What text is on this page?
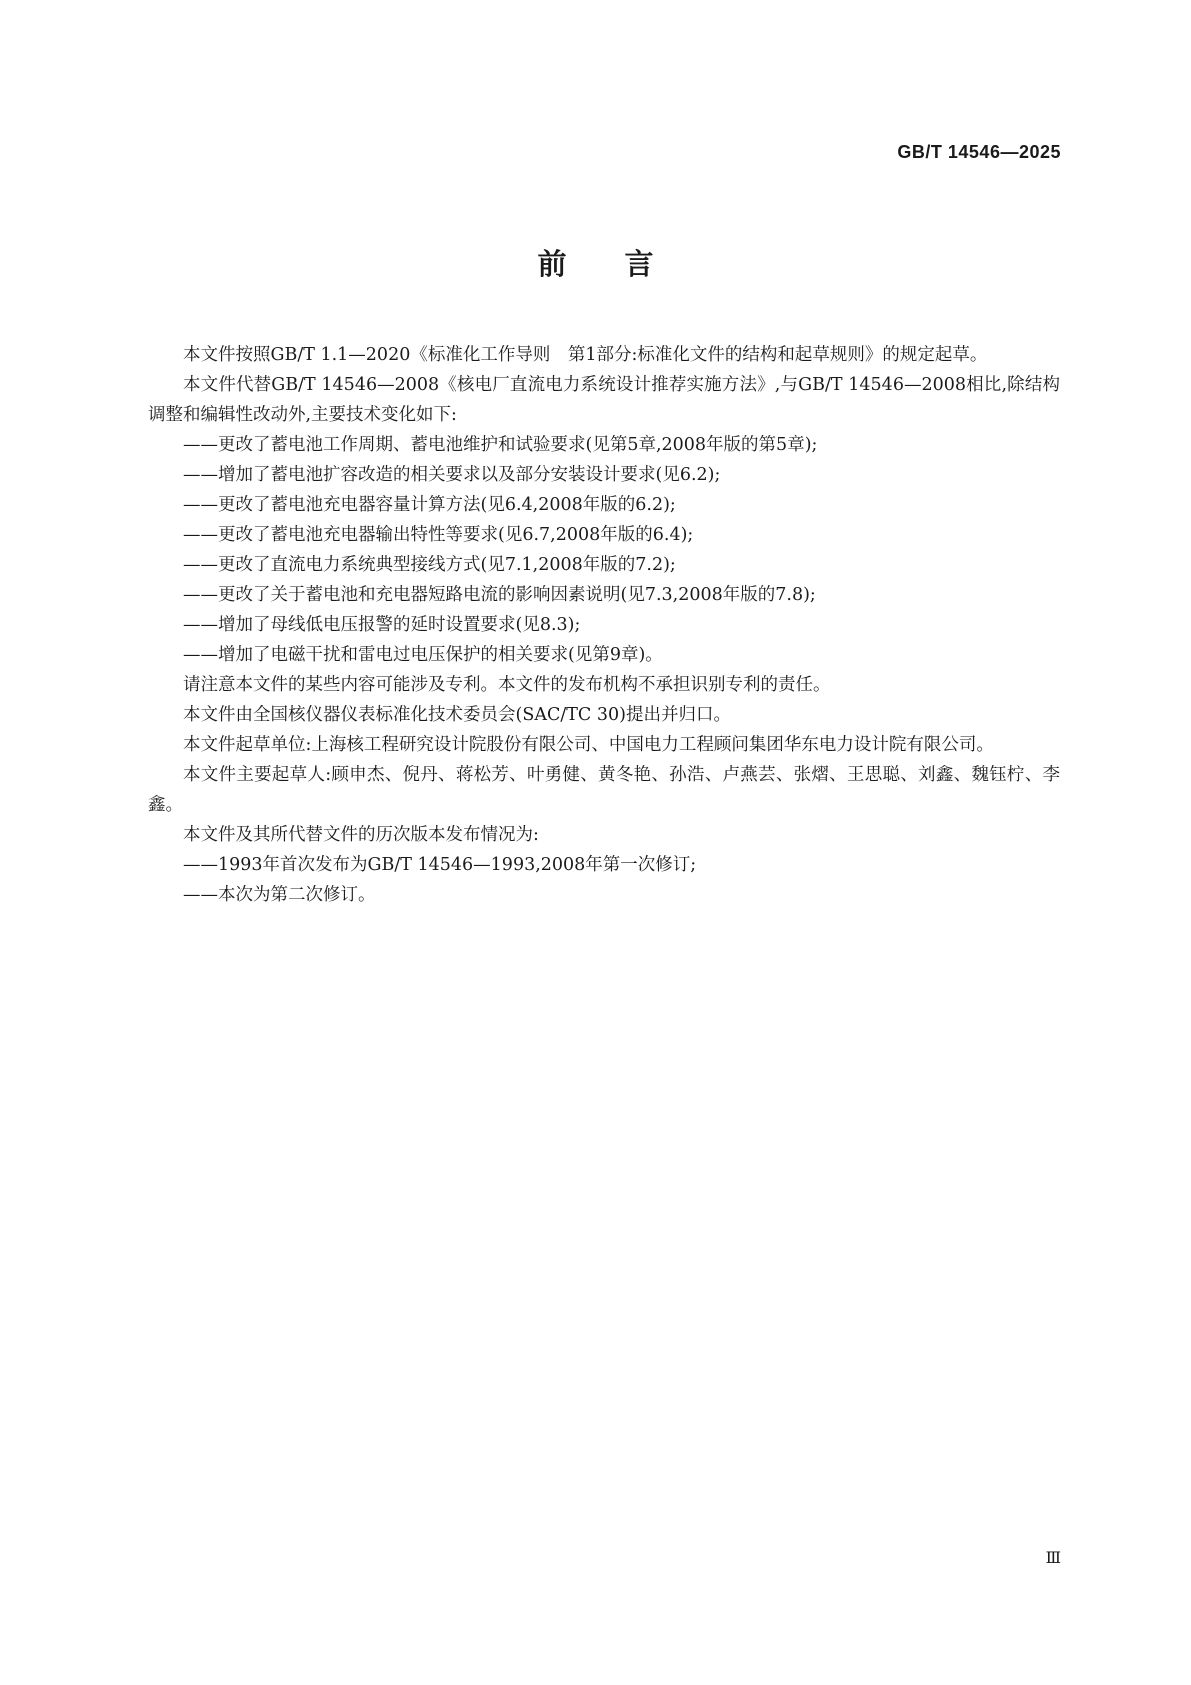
GB/T 14546—2025
前言

本文件按照GB/T 1.1—2020《标准化工作导则　第1部分:标准化文件的结构和起草规则》的规定起草。

本文件代替GB/T 14546—2008《核电厂直流电力系统设计推荐实施方法》,与GB/T 14546—2008相比,除结构调整和编辑性改动外,主要技术变化如下:

——更改了蓄电池工作周期、蓄电池维护和试验要求(见第5章,2008年版的第5章);

——增加了蓄电池扩容改造的相关要求以及部分安装设计要求(见6.2);

——更改了蓄电池充电器容量计算方法(见6.4,2008年版的6.2);

——更改了蓄电池充电器输出特性等要求(见6.7,2008年版的6.4);

——更改了直流电力系统典型接线方式(见7.1,2008年版的7.2);

——更改了关于蓄电池和充电器短路电流的影响因素说明(见7.3,2008年版的7.8);

——增加了母线低电压报警的延时设置要求(见8.3);

——增加了电磁干扰和雷电过电压保护的相关要求(见第9章)。

请注意本文件的某些内容可能涉及专利。本文件的发布机构不承担识别专利的责任。

本文件由全国核仪器仪表标准化技术委员会(SAC/TC 30)提出并归口。

本文件起草单位:上海核工程研究设计院股份有限公司、中国电力工程顾问集团华东电力设计院有限公司。

本文件主要起草人:顾申杰、倪丹、蒋松芳、叶勇健、黄冬艳、孙浩、卢燕芸、张熠、王思聪、刘鑫、魏钰柠、李鑫。

本文件及其所代替文件的历次版本发布情况为:

——1993年首次发布为GB/T 14546—1993,2008年第一次修订;

——本次为第二次修订。

Ⅲ
